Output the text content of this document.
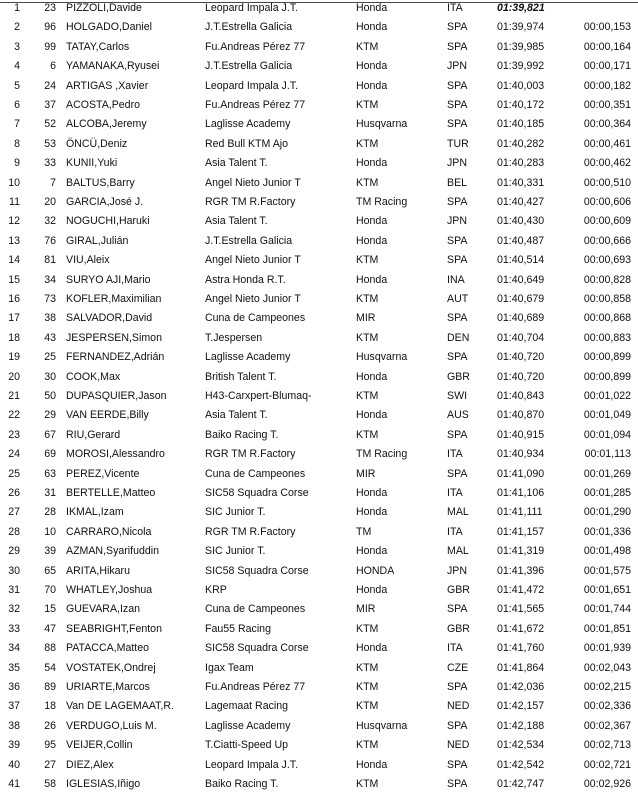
1	23 PIZZOLI,Davide	Leopard Impala J.T.	Honda	ITA	01:39,821
2	96 HOLGADO,Daniel	J.T.Estrella Galicia	Honda	SPA	01:39,974	00:00,153
3	99 TATAY,Carlos	Fu.Andreas Pérez 77	KTM	SPA	01:39,985	00:00,164
4	6 YAMANAKA,Ryusei	J.T.Estrella Galicia	Honda	JPN	01:39,992	00:00,171
5	24 ARTIGAS ,Xavier	Leopard Impala J.T.	Honda	SPA	01:40,003	00:00,182
6	37 ACOSTA,Pedro	Fu.Andreas Pérez 77	KTM	SPA	01:40,172	00:00,351
7	52 ALCOBA,Jeremy	Laglisse Academy	Husqvarna	SPA	01:40,185	00:00,364
8	53 ÖNCÜ,Deniz	Red Bull KTM Ajo	KTM	TUR	01:40,282	00:00,461
9	33 KUNII,Yuki	Asia Talent T.	Honda	JPN	01:40,283	00:00,462
10	7 BALTUS,Barry	Angel Nieto Junior T	KTM	BEL	01:40,331	00:00,510
11	20 GARCIA,José J.	RGR TM R.Factory	TM Racing	SPA	01:40,427	00:00,606
12	32 NOGUCHI,Haruki	Asia Talent T.	Honda	JPN	01:40,430	00:00,609
13	76 GIRAL,Julián	J.T.Estrella Galicia	Honda	SPA	01:40,487	00:00,666
14	81 VIU,Aleix	Angel Nieto Junior T	KTM	SPA	01:40,514	00:00,693
15	34 SURYO AJI,Mario	Astra Honda R.T.	Honda	INA	01:40,649	00:00,828
16	73 KOFLER,Maximilian	Angel Nieto Junior T	KTM	AUT	01:40,679	00:00,858
17	38 SALVADOR,David	Cuna de Campeones	MIR	SPA	01:40,689	00:00,868
18	43 JESPERSEN,Simon	T.Jespersen	KTM	DEN	01:40,704	00:00,883
19	25 FERNANDEZ,Adrián	Laglisse Academy	Husqvarna	SPA	01:40,720	00:00,899
20	30 COOK,Max	British Talent T.	Honda	GBR	01:40,720	00:00,899
21	50 DUPASQUIER,Jason	H43-Carxpert-Blumaq-	KTM	SWI	01:40,843	00:01,022
22	29 VAN EERDE,Billy	Asia Talent T.	Honda	AUS	01:40,870	00:01,049
23	67 RIU,Gerard	Baiko Racing T.	KTM	SPA	01:40,915	00:01,094
24	69 MOROSI,Alessandro	RGR TM R.Factory	TM Racing	ITA	01:40,934	00:01,113
25	63 PEREZ,Vicente	Cuna de Campeones	MIR	SPA	01:41,090	00:01,269
26	31 BERTELLE,Matteo	SIC58 Squadra Corse	Honda	ITA	01:41,106	00:01,285
27	28 IKMAL,Izam	SIC Junior T.	Honda	MAL	01:41,111	00:01,290
28	10 CARRARO,Nicola	RGR TM R.Factory	TM	ITA	01:41,157	00:01,336
29	39 AZMAN,Syarifuddin	SIC Junior T.	Honda	MAL	01:41,319	00:01,498
30	65 ARITA,Hikaru	SIC58 Squadra Corse	HONDA	JPN	01:41,396	00:01,575
31	70 WHATLEY,Joshua	KRP	Honda	GBR	01:41,472	00:01,651
32	15 GUEVARA,Izan	Cuna de Campeones	MIR	SPA	01:41,565	00:01,744
33	47 SEABRIGHT,Fenton	Fau55 Racing	KTM	GBR	01:41,672	00:01,851
34	88 PATACCA,Matteo	SIC58 Squadra Corse	Honda	ITA	01:41,760	00:01,939
35	54 VOSTATEK,Ondrej	Igax Team	KTM	CZE	01:41,864	00:02,043
36	89 URIARTE,Marcos	Fu.Andreas Pérez 77	KTM	SPA	01:42,036	00:02,215
37	18 Van DE LAGEMAAT,R.	Lagemaat Racing	KTM	NED	01:42,157	00:02,336
38	26 VERDUGO,Luis M.	Laglisse Academy	Husqvarna	SPA	01:42,188	00:02,367
39	95 VEIJER,Collin	T.Ciatti-Speed Up	KTM	NED	01:42,534	00:02,713
40	27 DIEZ,Alex	Leopard Impala J.T.	Honda	SPA	01:42,542	00:02,721
41	58 IGLESIAS,Iñigo	Baiko Racing T.	KTM	SPA	01:42,747	00:02,926
